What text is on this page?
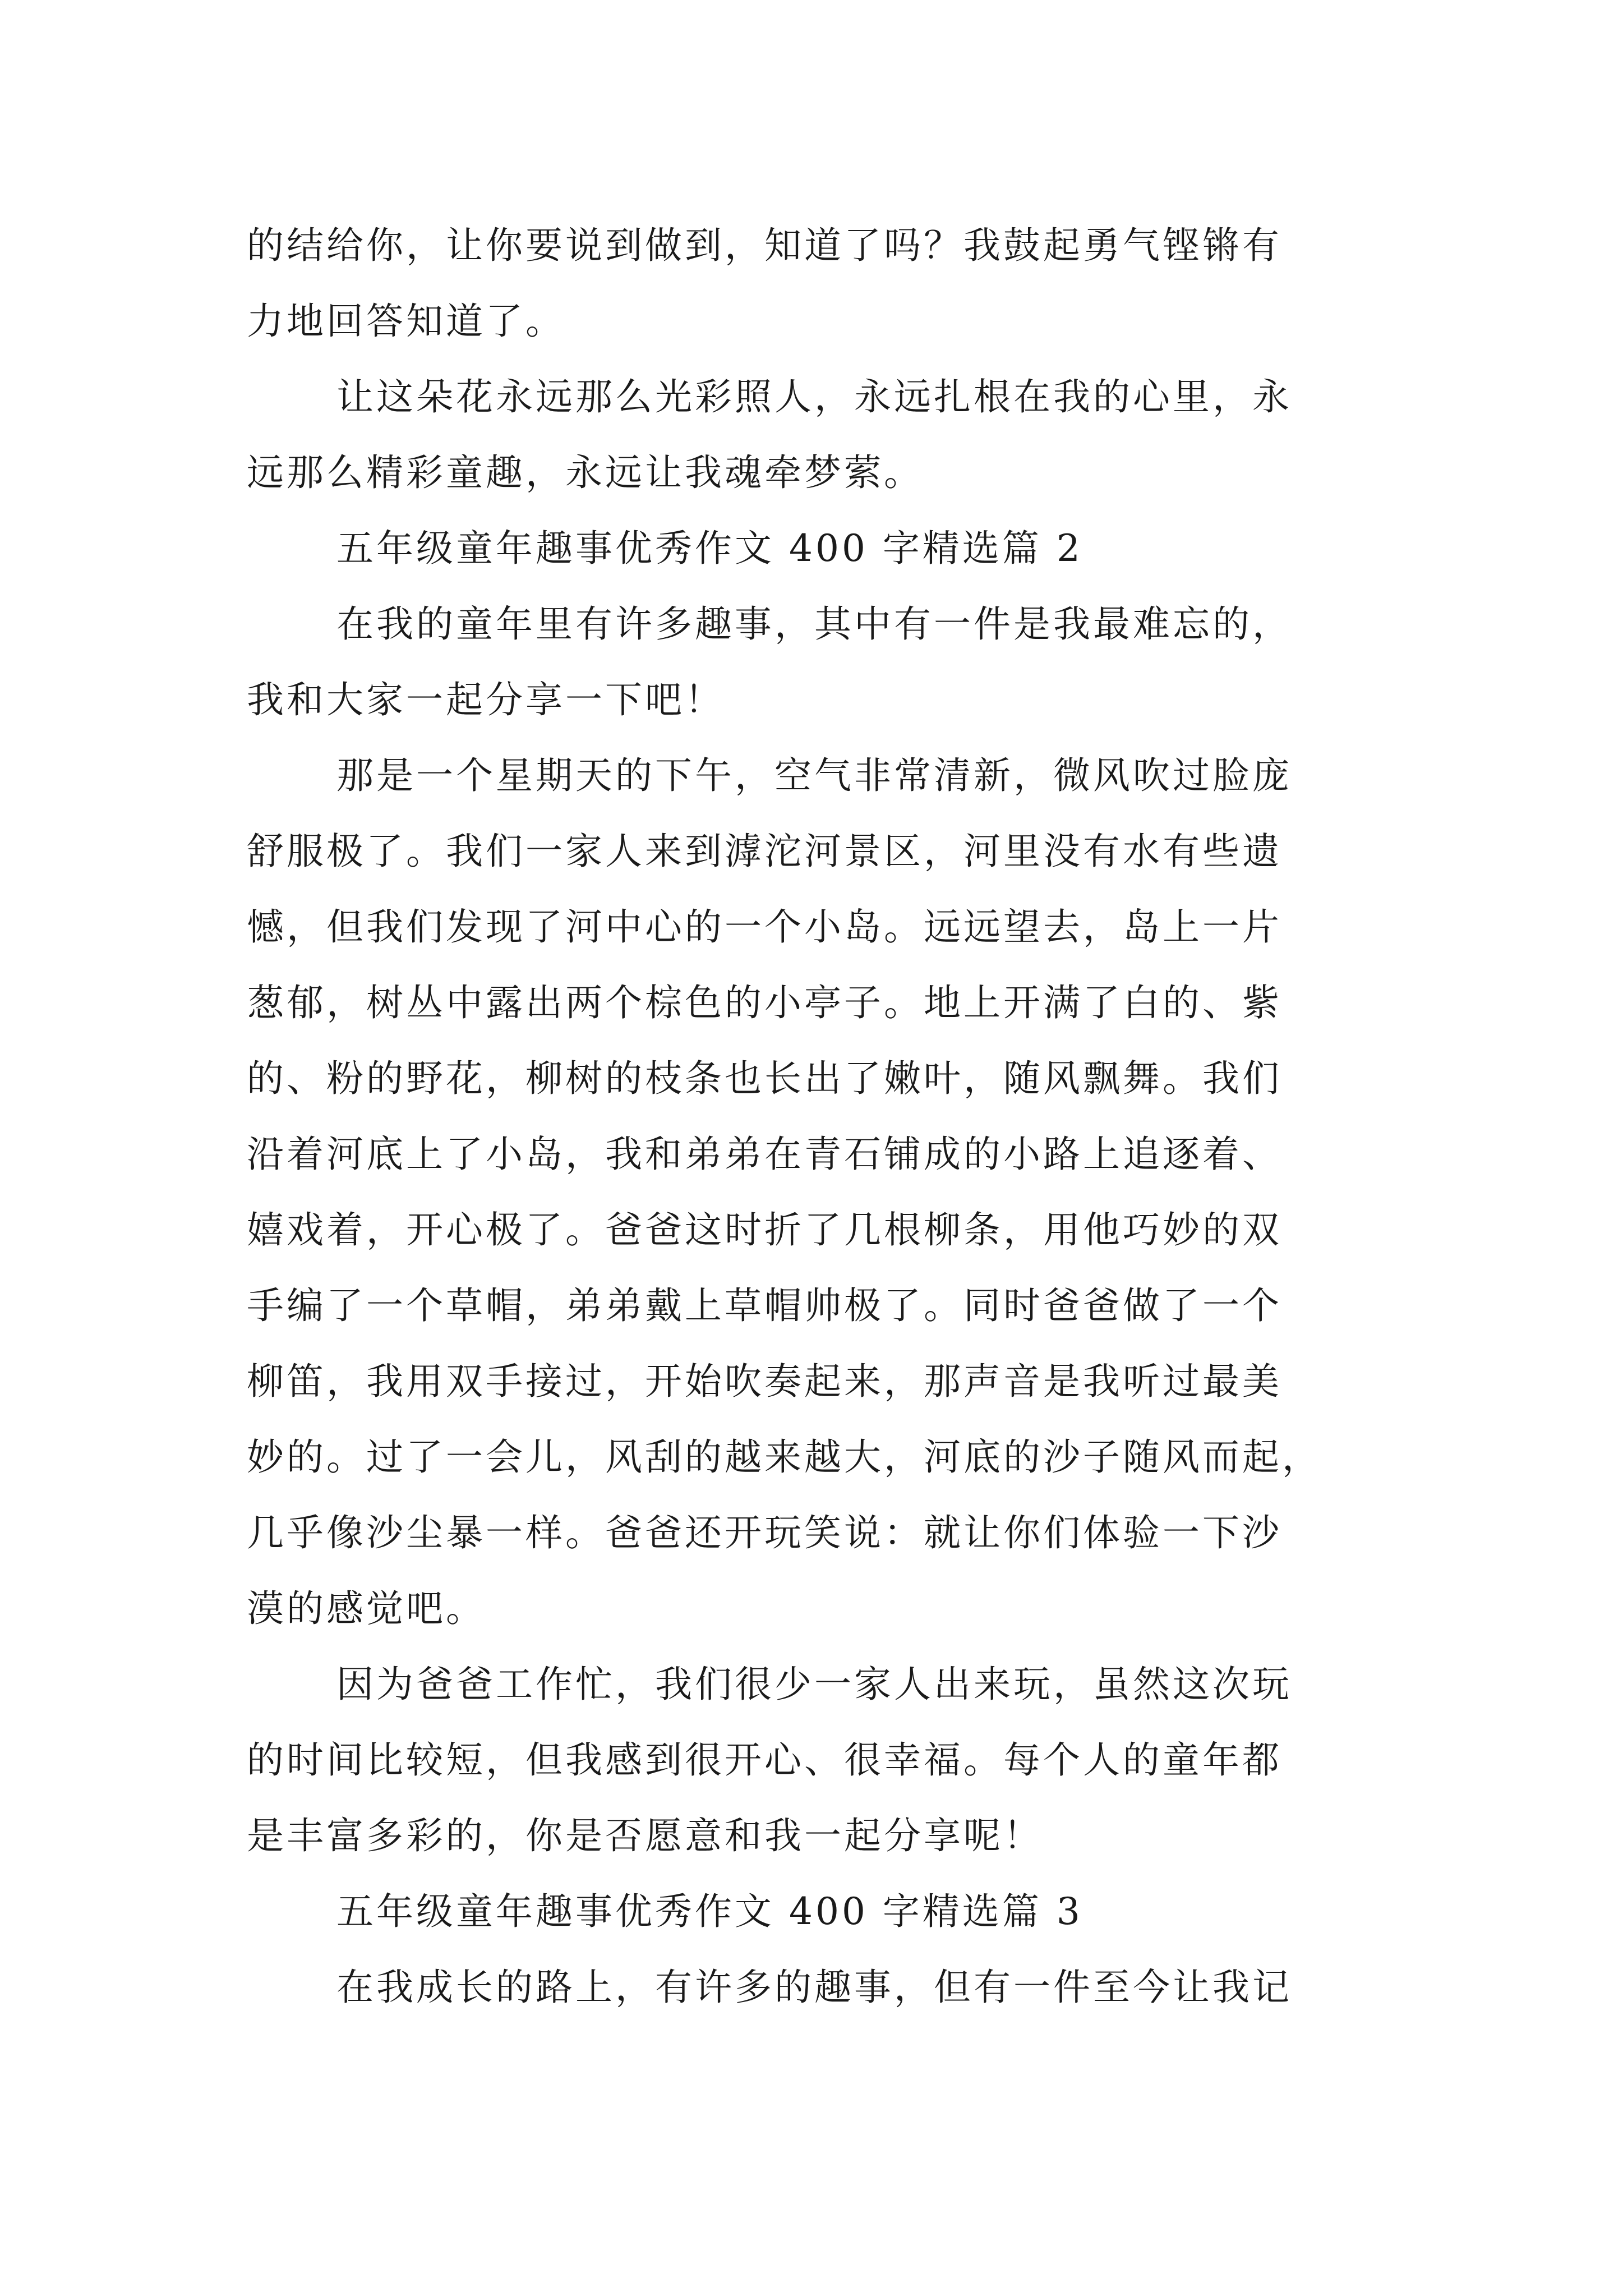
的结给你，让你要说到做到，知道了吗？我鼓起勇气铿锵有
力地回答知道了。
让这朵花永远那么光彩照人，永远扎根在我的心里，永
远那么精彩童趣，永远让我魂牵梦萦。
五年级童年趣事优秀作文 400 字精选篇 2
在我的童年里有许多趣事，其中有一件是我最难忘的，
我和大家一起分享一下吧！
那是一个星期天的下午，空气非常清新，微风吹过脸庞
舒服极了。我们一家人来到滹沱河景区，河里没有水有些遗
憾，但我们发现了河中心的一个小岛。远远望去，岛上一片
葱郁，树丛中露出两个棕色的小亭子。地上开满了白的、紫
的、粉的野花，柳树的枝条也长出了嫩叶，随风飘舞。我们
沿着河底上了小岛，我和弟弟在青石铺成的小路上追逐着、
嬉戏着，开心极了。爸爸这时折了几根柳条，用他巧妙的双
手编了一个草帽，弟弟戴上草帽帅极了。同时爸爸做了一个
柳笛，我用双手接过，开始吹奏起来，那声音是我听过最美
妙的。过了一会儿，风刮的越来越大，河底的沙子随风而起，
几乎像沙尘暴一样。爸爸还开玩笑说：就让你们体验一下沙
漠的感觉吧。
因为爸爸工作忙，我们很少一家人出来玩，虽然这次玩
的时间比较短，但我感到很开心、很幸福。每个人的童年都
是丰富多彩的，你是否愿意和我一起分享呢！
五年级童年趣事优秀作文 400 字精选篇 3
在我成长的路上，有许多的趣事，但有一件至今让我记
